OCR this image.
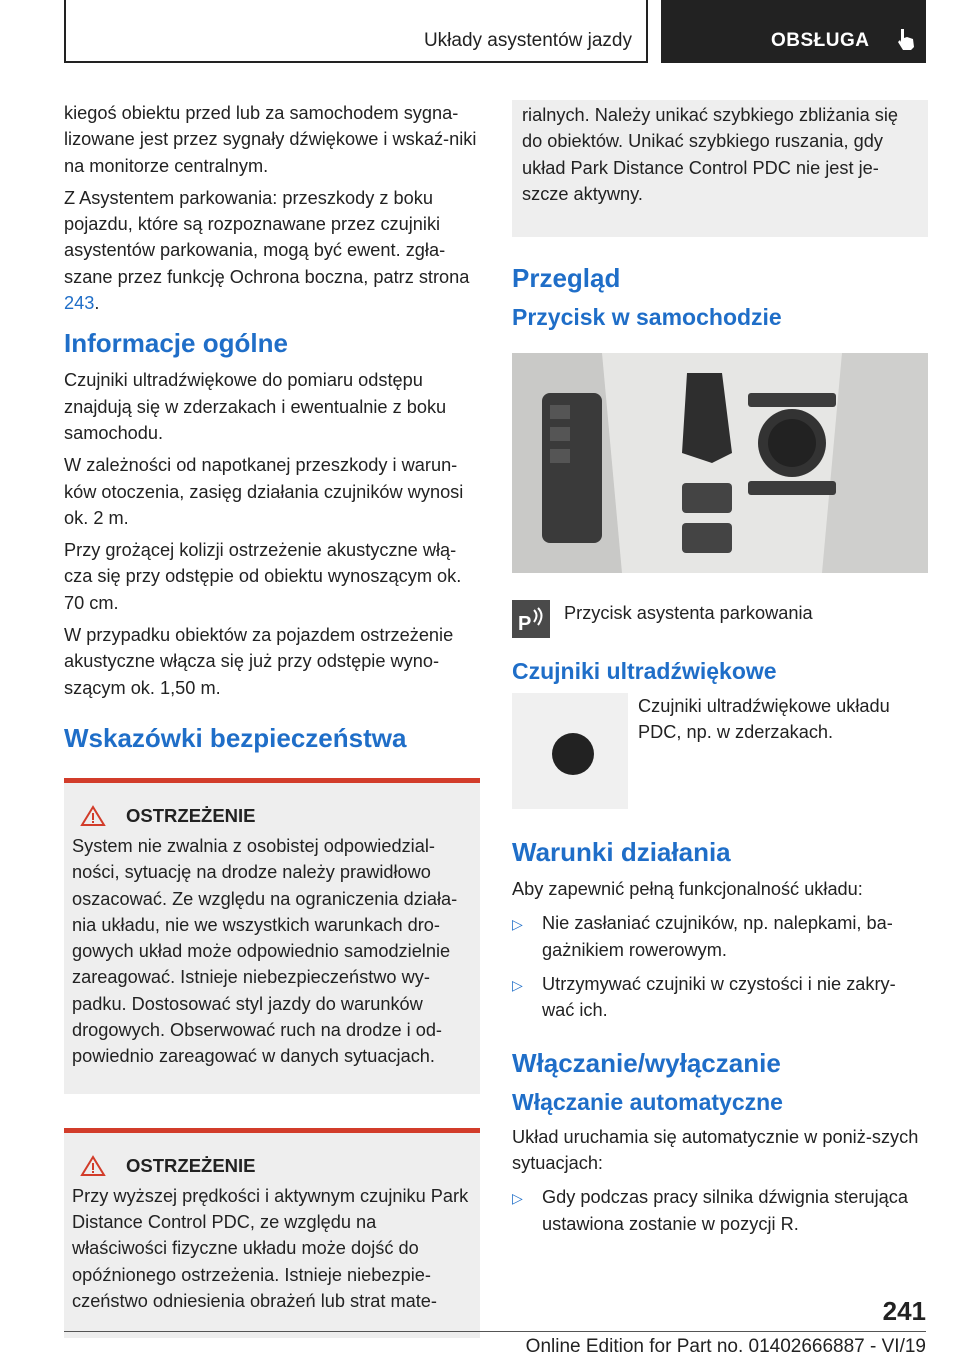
Układy asystentów jazdy	OBSŁUGA

kiegoś obiektu przed lub za samochodem sygna-lizowane jest przez sygnały dźwiękowe i wskaź-niki na monitorze centralnym.

Z Asystentem parkowania: przeszkody z boku pojazdu, które są rozpoznawane przez czujniki asystentów parkowania, mogą być ewent. zgła-szane przez funkcję Ochrona boczna, patrz strona 243.

Informacje ogólne

Czujniki ultradźwiękowe do pomiaru odstępu znajdują się w zderzakach i ewentualnie z boku samochodu.

W zależności od napotkanej przeszkody i warun-ków otoczenia, zasięg działania czujników wynosi ok. 2 m.

Przy grożącej kolizji ostrzeżenie akustyczne włą-cza się przy odstępie od obiektu wynoszącym ok. 70 cm.

W przypadku obiektów za pojazdem ostrzeżenie akustyczne włącza się już przy odstępie wyno-szącym ok. 1,50 m.

Wskazówki bezpieczeństwa
OSTRZEŻENIE

System nie zwalnia z osobistej odpowiedzial-ności, sytuację na drodze należy prawidłowo oszacować. Ze względu na ograniczenia działa-nia układu, nie we wszystkich warunkach dro-gowych układ może odpowiednio samodzielnie zareagować. Istnieje niebezpieczeństwo wy-padku. Dostosować styl jazdy do warunków drogowych. Obserwować ruch na drodze i od-powiednio zareagować w danych sytuacjach.

OSTRZEŻENIE

Przy wyższej prędkości i aktywnym czujniku Park Distance Control PDC, ze względu na właściwości fizyczne układu może dojść do opóźnionego ostrzeżenia. Istnieje niebezpie-czeństwo odniesienia obrażeń lub strat mate-

rialnych. Należy unikać szybkiego zbliżania się do obiektów. Unikać szybkiego ruszania, gdy układ Park Distance Control PDC nie jest je-szcze aktywny.

Przegląd
Przycisk w samochodzie
P Przycisk asystenta parkowania

Czujniki ultradźwiękowe

Czujniki ultradźwiękowe układu PDC, np. w zderzakach.

Warunki działania

Aby zapewnić pełną funkcjonalność układu:

▷	Nie zasłaniać czujników, np. nalepkami, ba-gażnikiem rowerowym.
▷	Utrzymywać czujniki w czystości i nie zakry-wać ich.
Włączanie/wyłączanie
Włączanie automatyczne

Układ uruchamia się automatycznie w poniż-szych sytuacjach:

▷	Gdy podczas pracy silnika dźwignia sterująca ustawiona zostanie w pozycji R.
241
Online Edition for Part no. 01402666887 - VI/19
